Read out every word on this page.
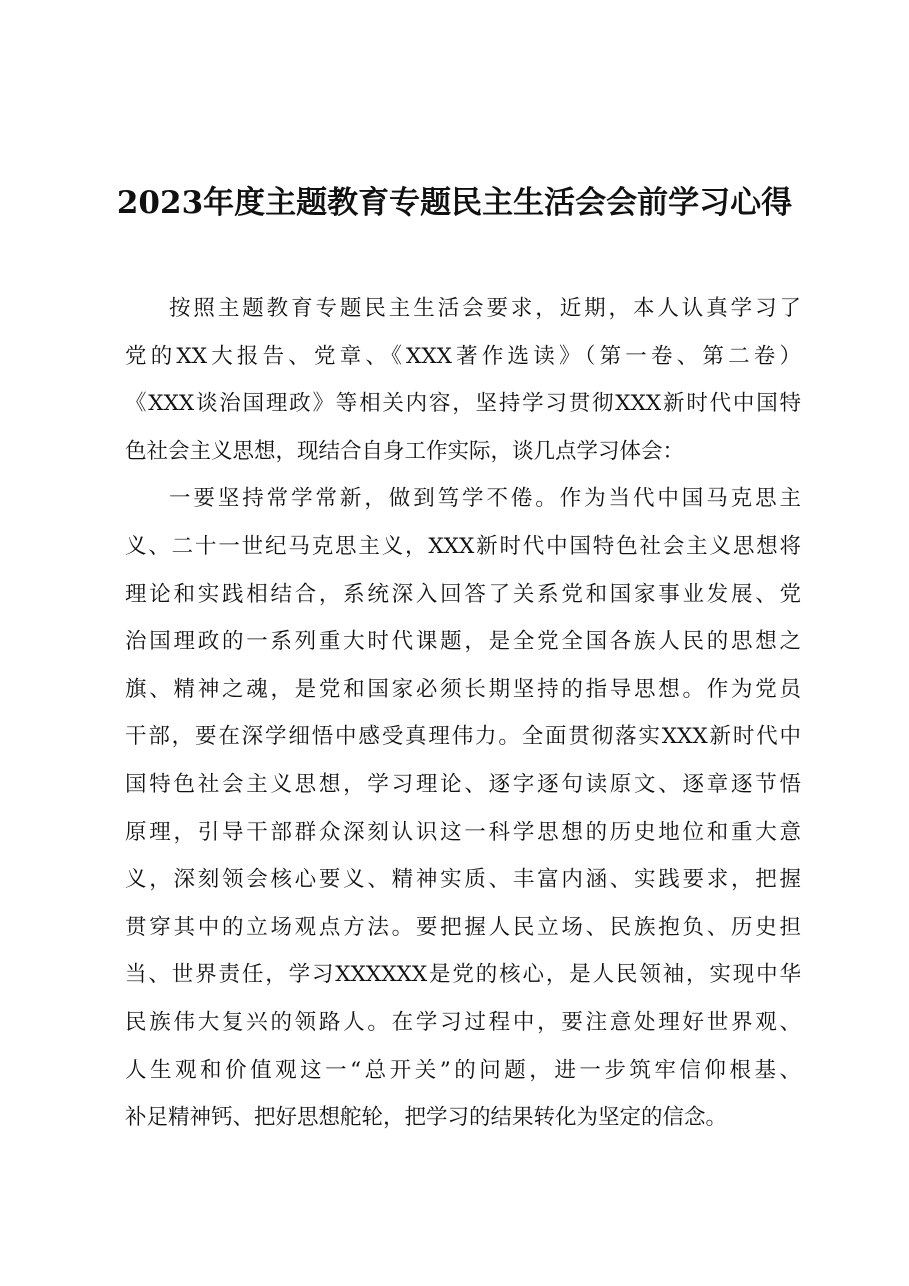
2023年度主题教育专题民主生活会会前学习心得
按照主题教育专题民主生活会要求，近期，本人认真学习了
党的XX大报告、党章、《XXX著作选读》（第一卷、第二卷）
《XXX谈治国理政》等相关内容，坚持学习贯彻XXX新时代中国特
色社会主义思想，现结合自身工作实际，谈几点学习体会：
一要坚持常学常新，做到笃学不倦。作为当代中国马克思主
义、二十一世纪马克思主义，XXX新时代中国特色社会主义思想将
理论和实践相结合，系统深入回答了关系党和国家事业发展、党
治国理政的一系列重大时代课题，是全党全国各族人民的思想之
旗、精神之魂，是党和国家必须长期坚持的指导思想。作为党员
干部，要在深学细悟中感受真理伟力。全面贯彻落实XXX新时代中
国特色社会主义思想，学习理论、逐字逐句读原文、逐章逐节悟
原理，引导干部群众深刻认识这一科学思想的历史地位和重大意
义，深刻领会核心要义、精神实质、丰富内涵、实践要求，把握
贯穿其中的立场观点方法。要把握人民立场、民族抱负、历史担
当、世界责任，学习XXXXXX是党的核心，是人民领袖，实现中华
民族伟大复兴的领路人。在学习过程中，要注意处理好世界观、
人生观和价值观这一“总开关”的问题，进一步筑牢信仰根基、
补足精神钙、把好思想舵轮，把学习的结果转化为坚定的信念。
